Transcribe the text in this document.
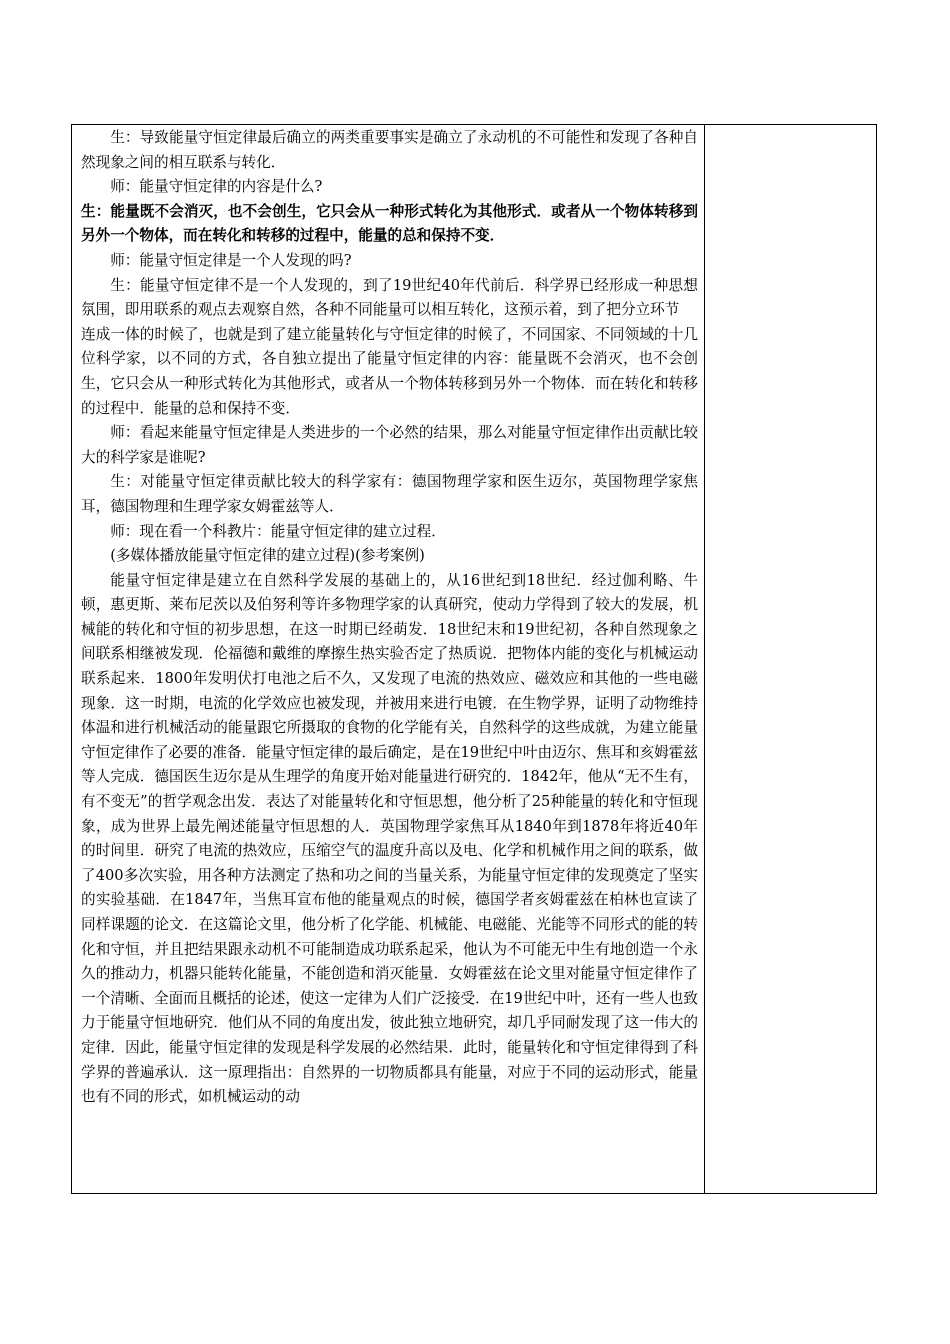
生：导致能量守恒定律最后确立的两类重要事实是确立了永动机的不可能性和发现了各种自然现象之间的相互联系与转化．

师：能量守恒定律的内容是什么?

生：能量既不会消灭，也不会创生，它只会从一种形式转化为其他形式．或者从一个物体转移到另外一个物体，而在转化和转移的过程中，能量的总和保持不变．

师：能量守恒定律是一个人发现的吗?

生：能量守恒定律不是一个人发现的，到了19世纪40年代前后．科学界已经形成一种思想氛围，即用联系的观点去观察自然，各种不同能量可以相互转化，这预示着，到了把分立环节

连成一体的时候了，也就是到了建立能量转化与守恒定律的时候了，不同国家、不同领域的十几位科学家，以不同的方式，各自独立提出了能量守恒定律的内容：能量既不会消灭，也不会创生，它只会从一种形式转化为其他形式，或者从一个物体转移到另外一个物体．而在转化和转移的过程中．能量的总和保持不变．

师：看起来能量守恒定律是人类进步的一个必然的结果，那么对能量守恒定律作出贡献比较大的科学家是谁呢?

生：对能量守恒定律贡献比较大的科学家有：德国物理学家和医生迈尔，英国物理学家焦耳，德国物理和生理学家女姆霍兹等人．

师：现在看一个科教片：能量守恒定律的建立过程．

(多媒体播放能量守恒定律的建立过程)(参考案例)

能量守恒定律是建立在自然科学发展的基础上的，从16世纪到18世纪．经过伽利略、牛顿，惠更斯、莱布尼茨以及伯努利等许多物理学家的认真研究，使动力学得到了较大的发展，机械能的转化和守恒的初步思想，在这一时期已经萌发．18世纪末和19世纪初，各种自然现象之间联系相继被发现．伦福德和戴维的摩擦生热实验否定了热质说．把物体内能的变化与机械运动联系起来．1800年发明伏打电池之后不久，又发现了电流的热效应、磁效应和其他的一些电磁现象．这一时期，电流的化学效应也被发现，并被用来进行电镀．在生物学界，证明了动物维持体温和进行机械活动的能量跟它所摄取的食物的化学能有关，自然科学的这些成就，为建立能量守恒定律作了必要的准备．能量守恒定律的最后确定，是在19世纪中叶由迈尔、焦耳和亥姆霍兹等人完成．德国医生迈尔是从生理学的角度开始对能量进行研究的．1842年，他从“无不生有，有不变无”的哲学观念出发．表达了对能量转化和守恒思想，他分析了25种能量的转化和守恒现象，成为世界上最先阐述能量守恒思想的人．英国物理学家焦耳从1840年到1878年将近40年的时间里．研究了电流的热效应，压缩空气的温度升高以及电、化学和机械作用之间的联系，做了400多次实验，用各种方法测定了热和功之间的当量关系，为能量守恒定律的发现奠定了坚实的实验基础．在1847年，当焦耳宣布他的能量观点的时候，德国学者亥姆霍兹在柏林也宣读了同样课题的论文．在这篇论文里，他分析了化学能、机械能、电磁能、光能等不同形式的能的转化和守恒，并且把结果跟永动机不可能制造成功联系起采，他认为不可能无中生有地创造一个永久的推动力，机器只能转化能量，不能创造和消灭能量．女姆霍兹在论文里对能量守恒定律作了一个清晰、全面而且概括的论述，使这一定律为人们广泛接受．在19世纪中叶，还有一些人也致力于能量守恒地研究．他们从不同的角度出发，彼此独立地研究，却几乎同耐发现了这一伟大的定律．因此，能量守恒定律的发现是科学发展的必然结果．此时，能量转化和守恒定律得到了科学界的普遍承认．这一原理指出：自然界的一切物质都具有能量，对应于不同的运动形式，能量也有不同的形式，如机械运动的动
